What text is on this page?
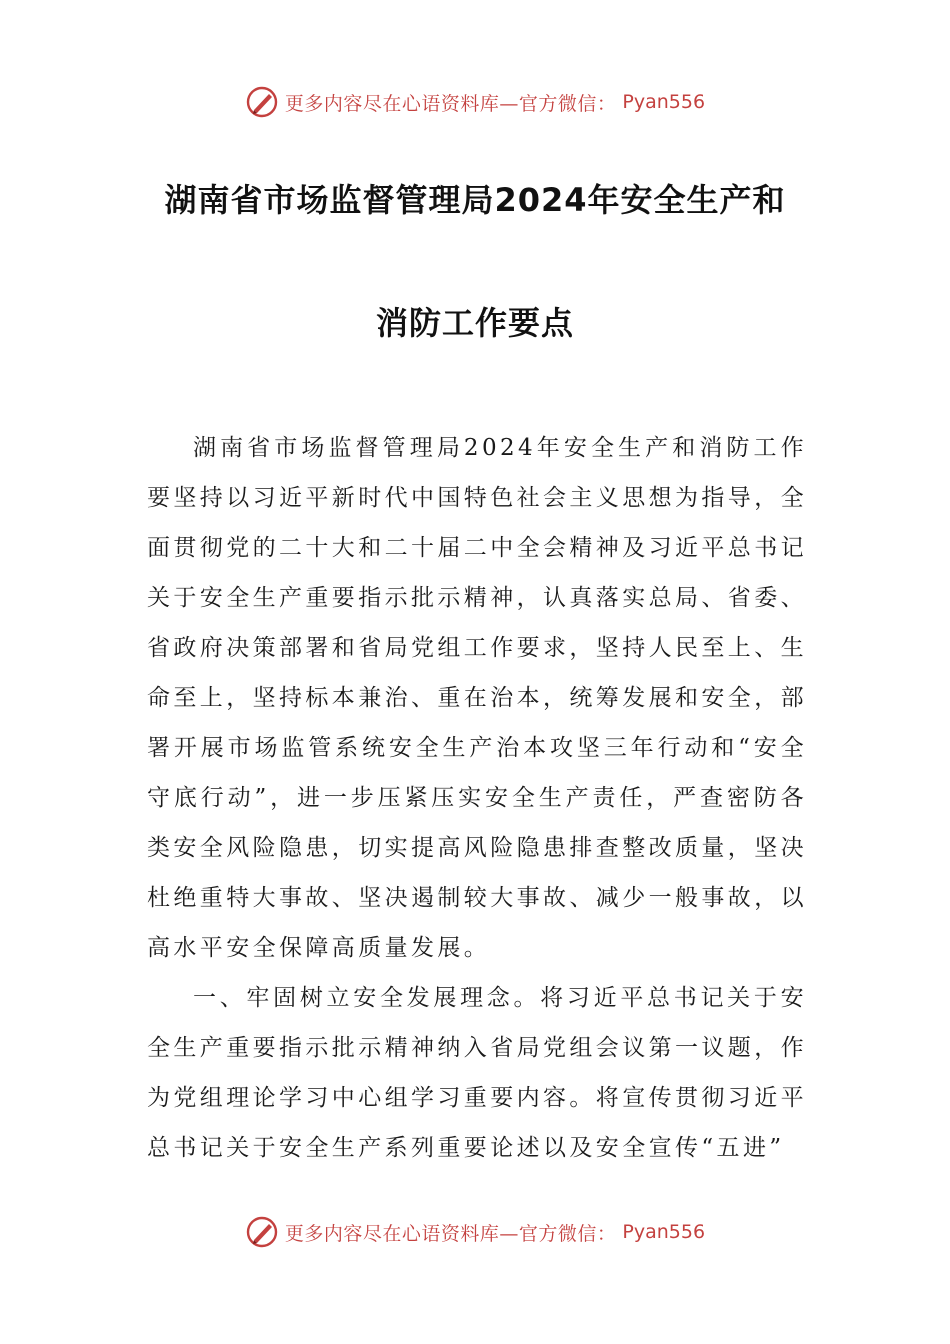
更多内容尽在心语资料库—官方微信： Pyan556
湖南省市场监督管理局2024年安全生产和
消防工作要点

湖南省市场监督管理局2024年安全生产和消防工作要坚持以习近平新时代中国特色社会主义思想为指导，全面贯彻党的二十大和二十届二中全会精神及习近平总书记关于安全生产重要指示批示精神，认真落实总局、省委、省政府决策部署和省局党组工作要求，坚持人民至上、生命至上，坚持标本兼治、重在治本，统筹发展和安全，部署开展市场监管系统安全生产治本攻坚三年行动和“安全守底行动”，进一步压紧压实安全生产责任，严查密防各类安全风险隐患，切实提高风险隐患排查整改质量，坚决杜绝重特大事故、坚决遏制较大事故、减少一般事故，以高水平安全保障高质量发展。

一、牢固树立安全发展理念。将习近平总书记关于安全生产重要指示批示精神纳入省局党组会议第一议题，作为党组理论学习中心组学习重要内容。将宣传贯彻习近平总书记关于安全生产系列重要论述以及安全宣传“五进”

更多内容尽在心语资料库—官方微信： Pyan556
